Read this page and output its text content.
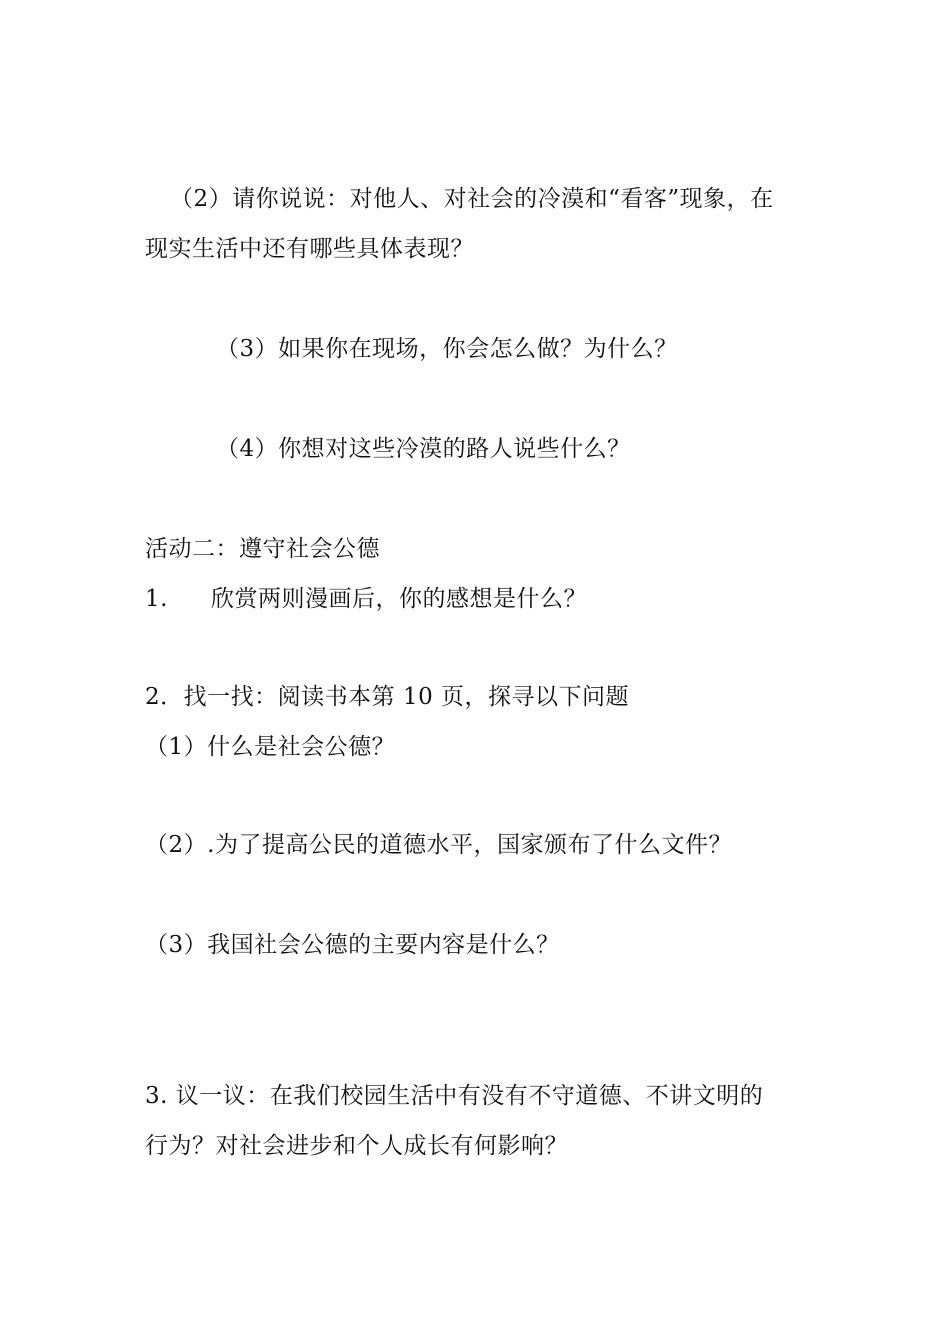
（2）请你说说：对他人、对社会的冷漠和“看客”现象，在
现实生活中还有哪些具体表现？
（3）如果你在现场，你会怎么做？为什么？
（4）你想对这些冷漠的路人说些什么？
活动二：遵守社会公德
1. 欣赏两则漫画后，你的感想是什么？
2．找一找：阅读书本第 10 页，探寻以下问题
（1）什么是社会公德？
（2）.为了提高公民的道德水平，国家颁布了什么文件？
（3）我国社会公德的主要内容是什么？
3. 议一议：在我们校园生活中有没有不守道德、不讲文明的
行为？对社会进步和个人成长有何影响？
